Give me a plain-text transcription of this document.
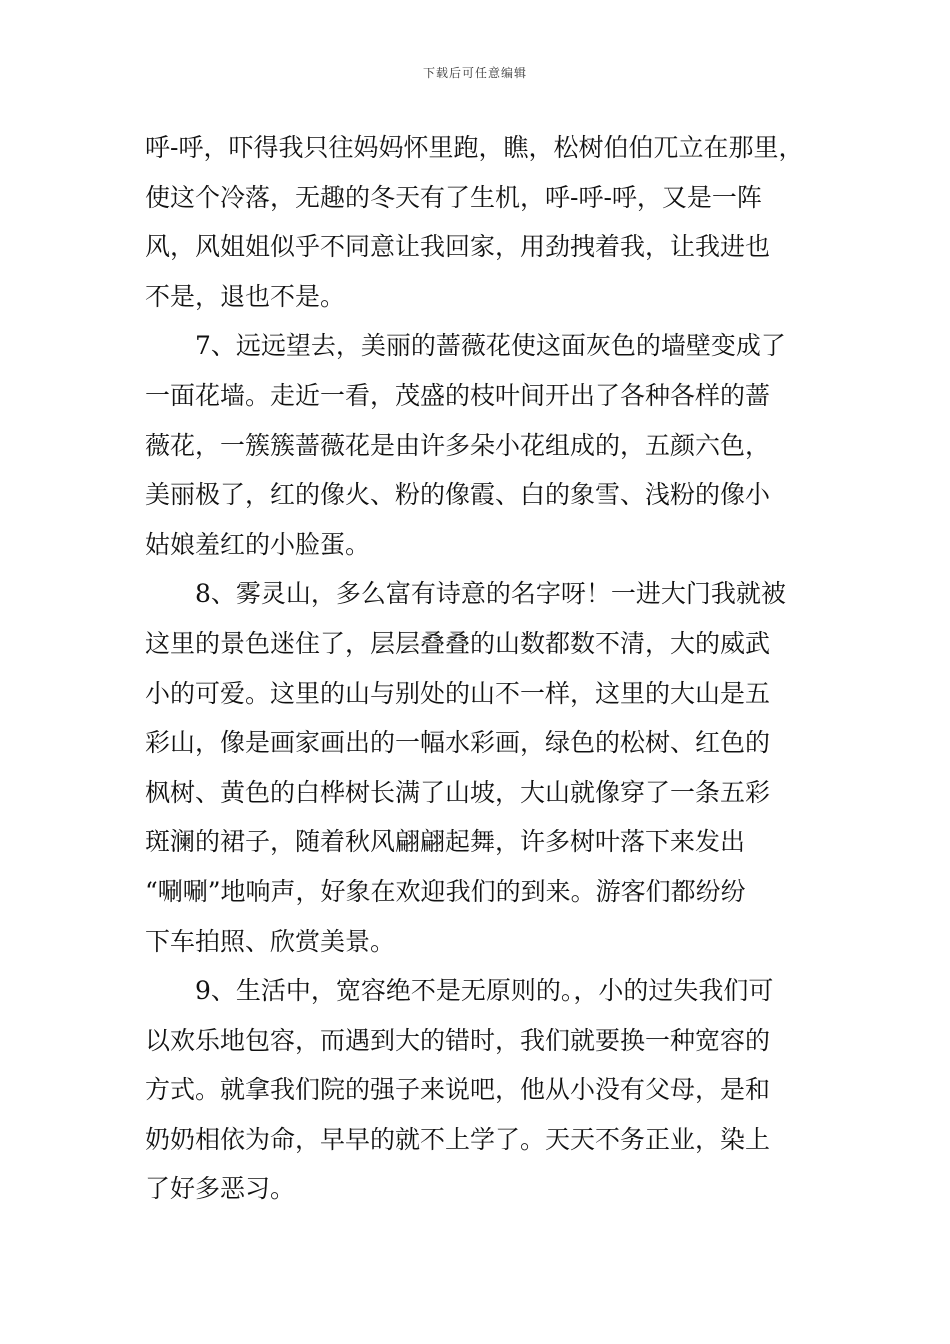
下载后可任意编辑
呼-呼，吓得我只往妈妈怀里跑，瞧，松树伯伯兀立在那里，
使这个冷落，无趣的冬天有了生机，呼-呼-呼，又是一阵
风，风姐姐似乎不同意让我回家，用劲拽着我，让我进也
不是，退也不是。
7、远远望去，美丽的蔷薇花使这面灰色的墙壁变成了
一面花墙。走近一看，茂盛的枝叶间开出了各种各样的蔷
薇花，一簇簇蔷薇花是由许多朵小花组成的，五颜六色，
美丽极了，红的像火、粉的像霞、白的象雪、浅粉的像小
姑娘羞红的小脸蛋。
8、雾灵山，多么富有诗意的名字呀！一进大门我就被
这里的景色迷住了，层层叠叠的山数都数不清，大的威武
小的可爱。这里的山与别处的山不一样，这里的大山是五
彩山，像是画家画出的一幅水彩画，绿色的松树、红色的
枫树、黄色的白桦树长满了山坡，大山就像穿了一条五彩
斑澜的裙子，随着秋风翩翩起舞，许多树叶落下来发出
“唰唰”地响声，好象在欢迎我们的到来。游客们都纷纷
下车拍照、欣赏美景。
9、生活中，宽容绝不是无原则的。，小的过失我们可
以欢乐地包容，而遇到大的错时，我们就要换一种宽容的
方式。就拿我们院的强子来说吧，他从小没有父母，是和
奶奶相依为命，早早的就不上学了。天天不务正业，染上
了好多恶习。
